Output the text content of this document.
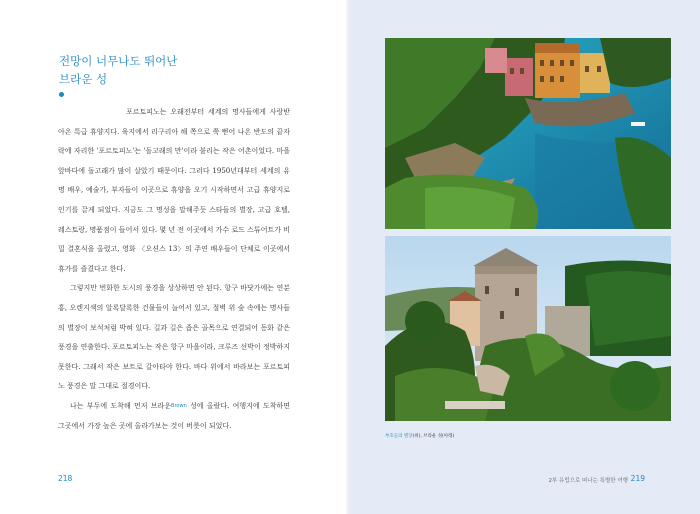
전망이 너무나도 뛰어난
브라운 성

포르토피노는 오래전부터 세계의 명사들에게 사랑받아온 특급 휴양지다. 육지에서 리구리아 해 쪽으로 쭉 뻗어 나온 반도의 끝자락에 자리한 '포르토피노'는 '돌고래의 만'이라 불리는 작은 어촌이었다. 마을 앞바다에 돌고래가 많이 살았기 때문이다. 그러다 1950년대부터 세계의 유명 배우, 예술가, 부자들이 이곳으로 휴양을 오기 시작하면서 고급 휴양지로 인기를 끌게 되었다. 지금도 그 명성을 말해주듯 스타들의 별장, 고급 호텔, 레스토랑, 명품점이 들어서 있다. 몇 년 전 이곳에서 가수 로드 스튜어트가 비밀 결혼식을 올렸고, 영화 〈오션스 13〉의 주연 배우들이 단체로 이곳에서 휴가를 즐겼다고 한다.

그렇지만 번화한 도시의 풍경을 상상하면 안 된다. 항구 바닷가에는 연분홍, 오렌지색의 알록달록한 건물들이 늘어서 있고, 절벽 위 숲 속에는 명사들의 별장이 보석처럼 박혀 있다. 길과 길은 좁은 골목으로 연결되어 동화 같은 풍경을 연출한다. 포르토피노는 작은 항구 마을이라, 크루즈 선박이 정박하지 못한다. 그래서 작은 보트로 갈아타야 한다. 바다 위에서 바라보는 포르토피노 풍경은 말 그대로 절경이다.

나는 부두에 도착해 먼저 브라운$^{Brown}$ 성에 올랐다. 여행지에 도착하면 그곳에서 가장 높은 곳에 올라가보는 것이 버릇이 되었다.

218	2부 유럽으로 떠나는 특별한 여행 219
부호들의 별장(위), 브라운 성(아래)
